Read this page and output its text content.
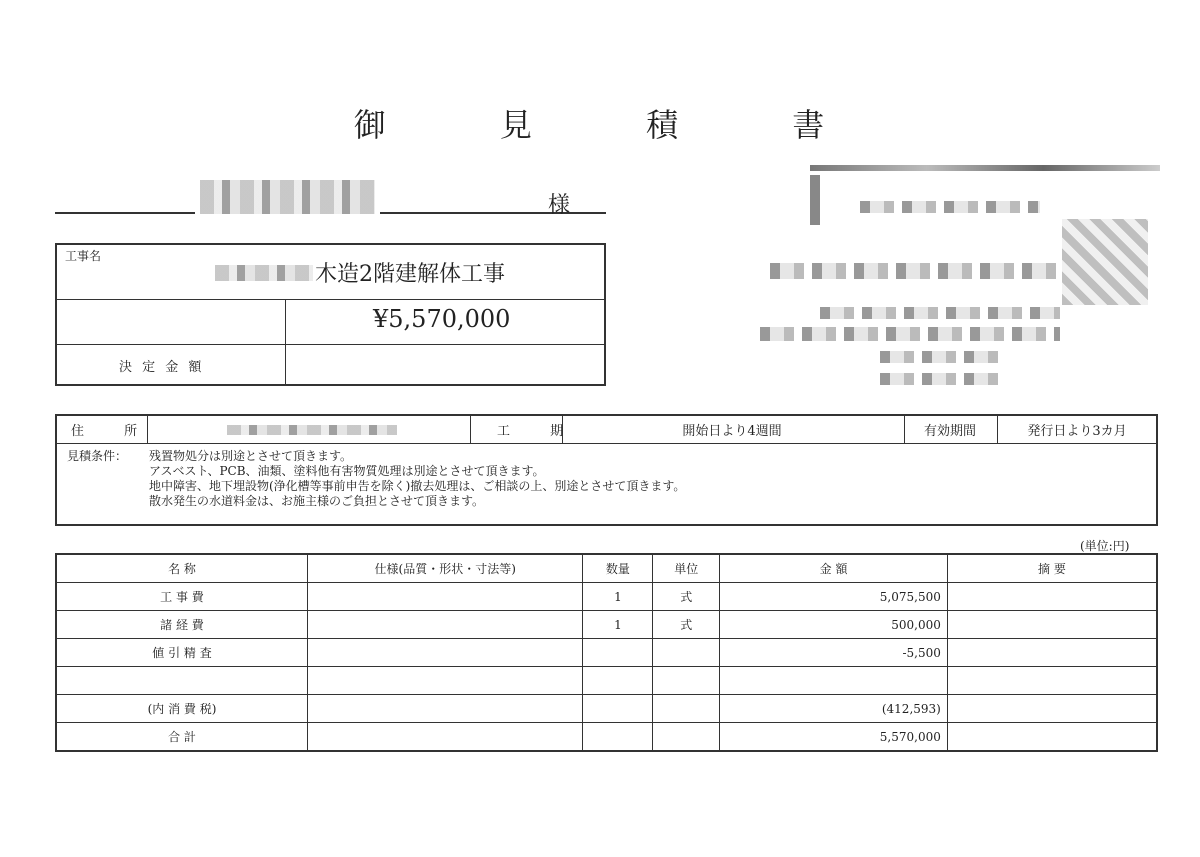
御 見 積 書
様
工事名
木造2階建解体工事
¥5,570,000
決 定 金 額
住 所	工 期	開始日より4週間	有効期間	発行日より3カ月
見積条件： 残置物処分は別途とさせて頂きます。
アスベスト、PCB、油類、塗料他有害物質処理は別途とさせて頂きます。
地中障害、地下埋設物(浄化槽等事前申告を除く)撤去処理は、ご相談の上、別途とさせて頂きます。
散水発生の水道料金は、お施主様のご負担とさせて頂きます。
(単位:円)
名 称	仕様(品質・形状・寸法等)	数量	単位	金 額	摘 要
工 事 費		1	式	5,075,500	
諸 経 費		1	式	500,000	
値 引 精 査				-5,500	

(内 消 費 税)				(412,593)	
合 計				5,570,000	
